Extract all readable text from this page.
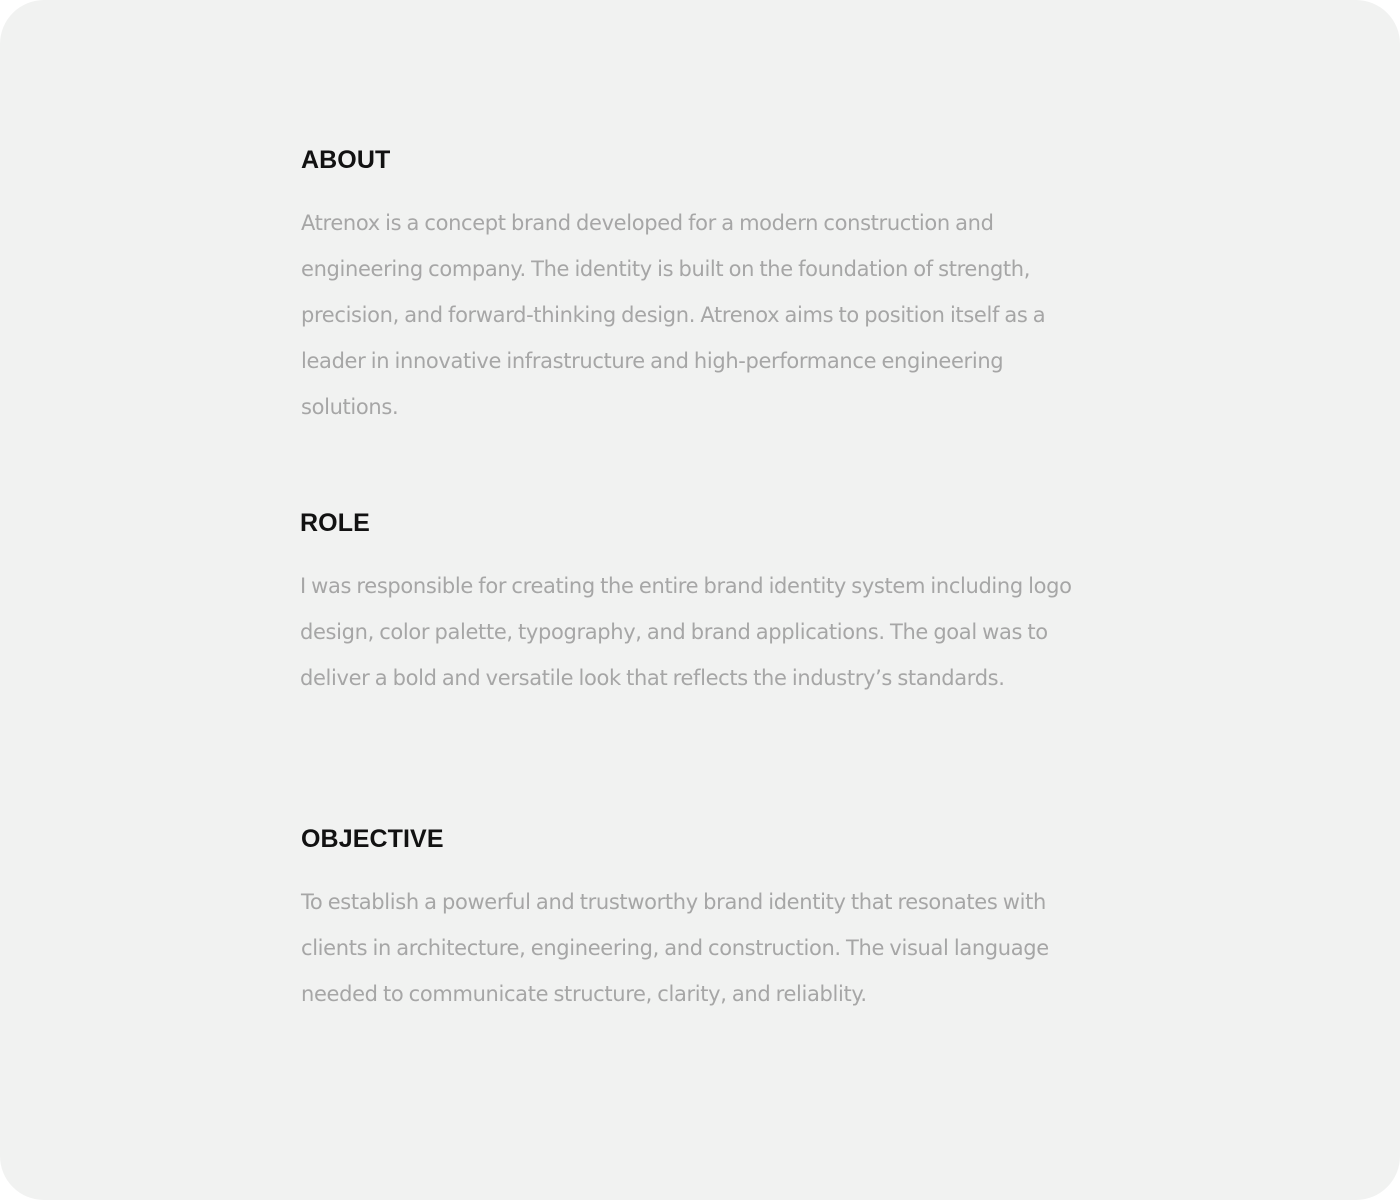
ABOUT

Atrenox is a concept brand developed for a modern construction and engineering company. The identity is built on the foundation of strength, precision, and forward-thinking design. Atrenox aims to position itself as a leader in innovative infrastructure and high-performance engineering solutions.

ROLE

I was responsible for creating the entire brand identity system including logo design, color palette, typography, and brand applications. The goal was to deliver a bold and versatile look that reflects the industry’s standards.

OBJECTIVE

To establish a powerful and trustworthy brand identity that resonates with clients in architecture, engineering, and construction. The visual language needed to communicate structure, clarity, and reliablity.
